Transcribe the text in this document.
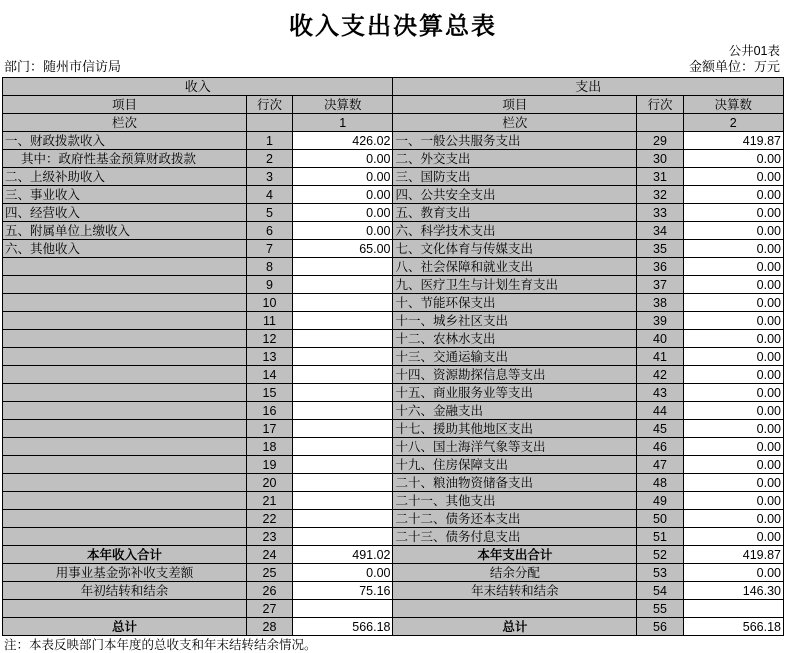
收入支出决算总表
公井01表
部门：随州市信访局	金额单位：万元
收入			支出		
项目	行次	决算数	项目	行次	决算数
栏次		1	栏次		2
一、财政拨款收入	1	426.02	一、一般公共服务支出	29	419.87
其中：政府性基金预算财政拨款	2	0.00	二、外交支出	30	0.00
二、上级补助收入	3	0.00	三、国防支出	31	0.00
三、事业收入	4	0.00	四、公共安全支出	32	0.00
四、经营收入	5	0.00	五、教育支出	33	0.00
五、附属单位上缴收入	6	0.00	六、科学技术支出	34	0.00
六、其他收入	7	65.00	七、文化体育与传媒支出	35	0.00
	8		八、社会保障和就业支出	36	0.00
	9		九、医疗卫生与计划生育支出	37	0.00
	10		十、节能环保支出	38	0.00
	11		十一、城乡社区支出	39	0.00
	12		十二、农林水支出	40	0.00
	13		十三、交通运输支出	41	0.00
	14		十四、资源勘探信息等支出	42	0.00
	15		十五、商业服务业等支出	43	0.00
	16		十六、金融支出	44	0.00
	17		十七、援助其他地区支出	45	0.00
	18		十八、国土海洋气象等支出	46	0.00
	19		十九、住房保障支出	47	0.00
	20		二十、粮油物资储备支出	48	0.00
	21		二十一、其他支出	49	0.00
	22		二十二、债务还本支出	50	0.00
	23		二十三、债务付息支出	51	0.00
本年收入合计	24	491.02	本年支出合计	52	419.87
用事业基金弥补收支差额	25	0.00	结余分配	53	0.00
年初结转和结余	26	75.16	年末结转和结余	54	146.30
	27			55	
总计	28	566.18	总计	56	566.18
注：本表反映部门本年度的总收支和年末结转结余情况。
